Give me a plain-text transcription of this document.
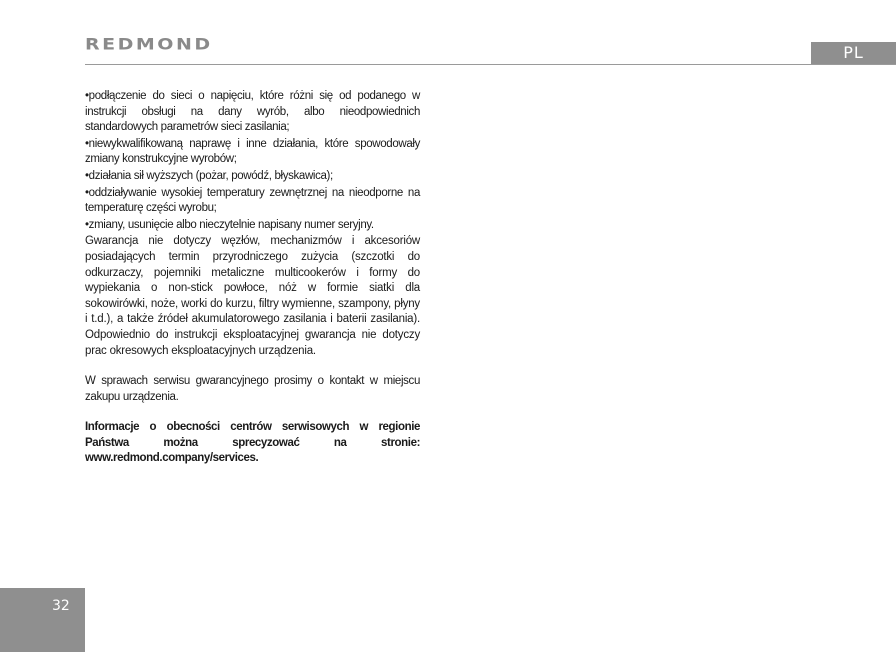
REDMOND	PL

•podłączenie do sieci o napięciu, które różni się od podanego w instrukcji obsługi na dany wyrób, albo nieodpowiednich standardowych parametrów sieci zasilania;

•niewykwalifikowaną naprawę i inne działania, które spowodowały zmiany konstrukcyjne wyrobów;

•działania sił wyższych (pożar, powódź, błyskawica);

•oddziaływanie wysokiej temperatury zewnętrznej na nieodporne na temperaturę części wyrobu;

•zmiany, usunięcie albo nieczytelnie napisany numer seryjny.

Gwarancja nie dotyczy węzłów, mechanizmów i akcesoriów posiadających termin przyrodniczego zużycia (szczotki do odkurzaczy, pojemniki metaliczne multicookerów i formy do wypiekania o non-stick powłoce, nóż w formie siatki dla sokowirówki, noże, worki do kurzu, filtry wymienne, szampony, płyny i t.d.), a także źródeł akumulatorowego zasilania i baterii zasilania). Odpowiednio do instrukcji eksploatacyjnej gwarancja nie dotyczy prac okresowych eksploatacyjnych urządzenia.

W sprawach serwisu gwarancyjnego prosimy o kontakt w miejscu zakupu urządzenia.

Informacje o obecności centrów serwisowych w regionie Państwa można sprecyzować na stronie: www.redmond.company/services.

32
